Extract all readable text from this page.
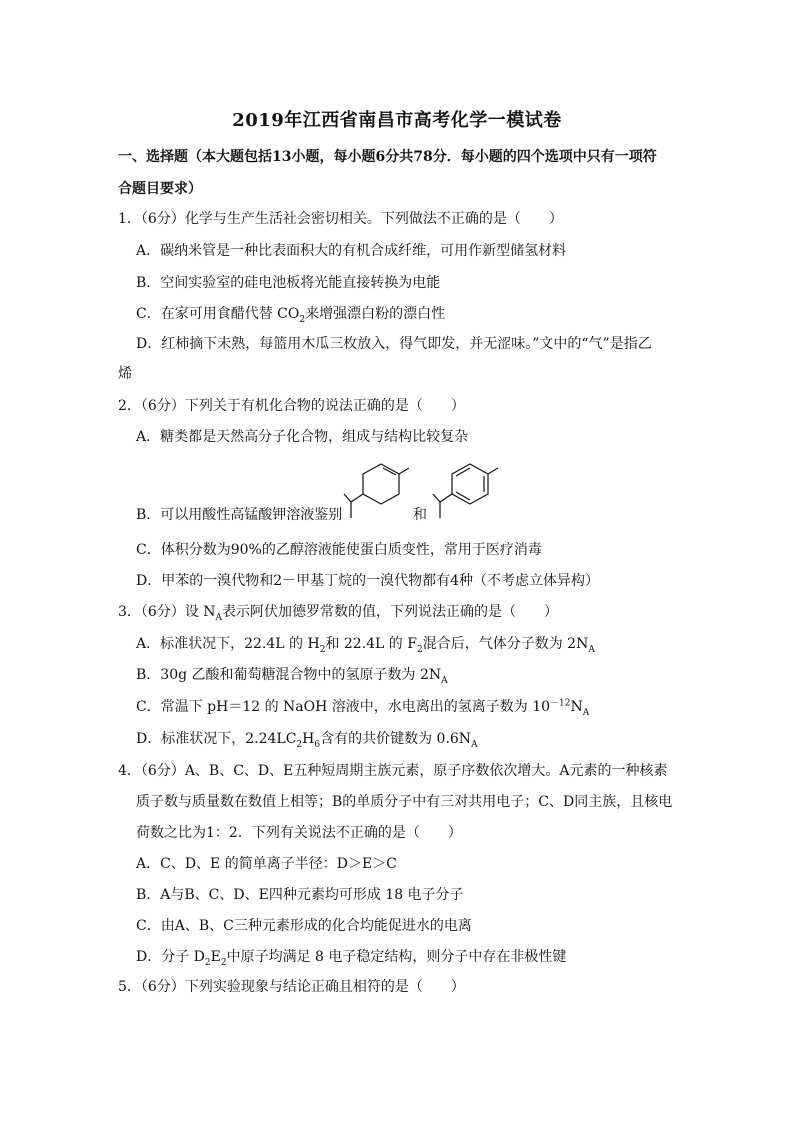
2019年江西省南昌市高考化学一模试卷
一、选择题（本大题包括13小题，每小题6分共78分．每小题的四个选项中只有一项符
合题目要求）
1．（6分）化学与生产生活社会密切相关。下列做法不正确的是（　　）
A．碳纳米管是一种比表面积大的有机合成纤维，可用作新型储氢材料
B．空间实验室的硅电池板将光能直接转换为电能
C．在家可用食醋代替 $CO_2$来增强漂白粉的漂白性
D．红柿摘下未熟，每篮用木瓜三枚放入，得气即发，并无涩味。”文中的“气”是指乙
烯
2．（6分）下列关于有机化合物的说法正确的是（　　）
A．糖类都是天然高分子化合物，组成与结构比较复杂
B．可以用酸性高锰酸钾溶液鉴别	和
C．体积分数为90%的乙醇溶液能使蛋白质变性，常用于医疗消毒
D．甲苯的一溴代物和2－甲基丁烷的一溴代物都有4种（不考虑立体异构）
3．（6分）设 $N_A$表示阿伏加德罗常数的值，下列说法正确的是（　　）
A．标准状况下，22.4L 的 $H_2$和 22.4L 的 $F_2$混合后，气体分子数为 $2N_A$
B．30g 乙酸和葡萄糖混合物中的氢原子数为 $2N_A$
C．常温下 pH＝12 的 NaOH 溶液中，水电离出的氢离子数为 $10^{-12}N_A$
D．标准状况下，$2.24LC_2H_6$含有的共价键数为 $0.6N_A$
4．（6分）A、B、C、D、E五种短周期主族元素，原子序数依次增大。A元素的一种核素
质子数与质量数在数值上相等；B的单质分子中有三对共用电子；C、D同主族，且核电
荷数之比为1：2．下列有关说法不正确的是（　　）
A．C、D、E 的简单离子半径：D＞E＞C
B．A与B、C、D、E四种元素均可形成 18 电子分子
C．由A、B、C三种元素形成的化合均能促进水的电离
D．分子 $D_2E_2$中原子均满足 8 电子稳定结构，则分子中存在非极性键
5．（6分）下列实验现象与结论正确且相符的是（　　）
